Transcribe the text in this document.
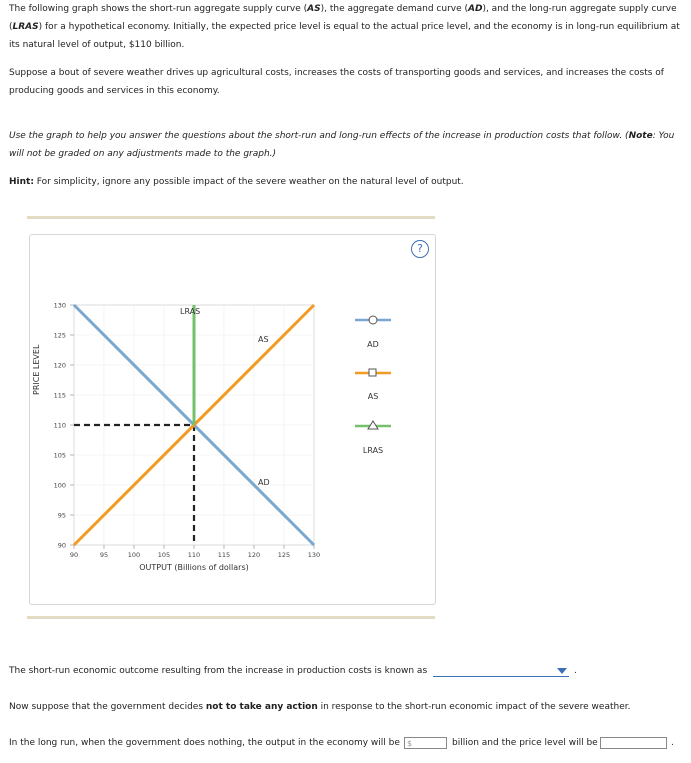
The following graph shows the short-run aggregate supply curve (AS), the aggregate demand curve (AD), and the long-run aggregate supply curve (LRAS) for a hypothetical economy. Initially, the expected price level is equal to the actual price level, and the economy is in long-run equilibrium at its natural level of output, $110 billion.
Suppose a bout of severe weather drives up agricultural costs, increases the costs of transporting goods and services, and increases the costs of producing goods and services in this economy.
Use the graph to help you answer the questions about the short-run and long-run effects of the increase in production costs that follow. (Note: You will not be graded on any adjustments made to the graph.)
Hint: For simplicity, ignore any possible impact of the severe weather on the natural level of output.
?
PRICE LEVEL
130
125
120
115
110
105
100
95
90
90	95	100	105	110	115	120	125	130
LRAS
AS
AD
OUTPUT (Billions of dollars)
AD
AS
LRAS
The short-run economic outcome resulting from the increase in production costs is known as	.
Now suppose that the government decides not to take any action in response to the short-run economic impact of the severe weather.
In the long run, when the government does nothing, the output in the economy will be $	billion and the price level will be	.
